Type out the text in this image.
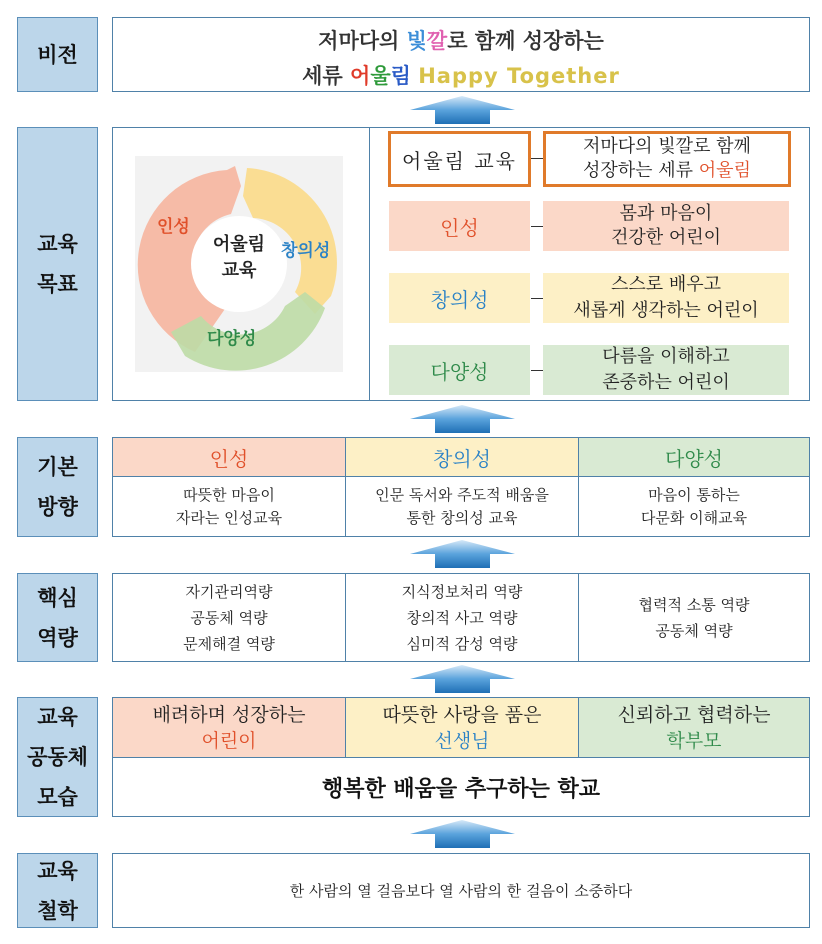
비전
저마다의 빛깔로 함께 성장하는
세류 어울림 Happy Together
교육
목표
어울림
교육
인성
창의성
다양성
어울림 교육
저마다의 빛깔로 함께
성장하는 세류 어울림
인성
몸과 마음이
건강한 어린이
창의성
스스로 배우고
새롭게 생각하는 어린이
다양성
다름을 이해하고
존중하는 어린이
기본
방향
인성	창의성	다양성
따뜻한 마음이
자라는 인성교육
인문 독서와 주도적 배움을
통한 창의성 교육
마음이 통하는
다문화 이해교육
핵심
역량
자기관리역량
공동체 역량
문제해결 역량
지식정보처리 역량
창의적 사고 역량
심미적 감성 역량
협력적 소통 역량
공동체 역량
교육
공동체
모습
배려하며 성장하는
어린이
따뜻한 사랑을 품은
선생님
신뢰하고 협력하는
학부모
행복한 배움을 추구하는 학교
교육
철학
한 사람의 열 걸음보다 열 사람의 한 걸음이 소중하다
